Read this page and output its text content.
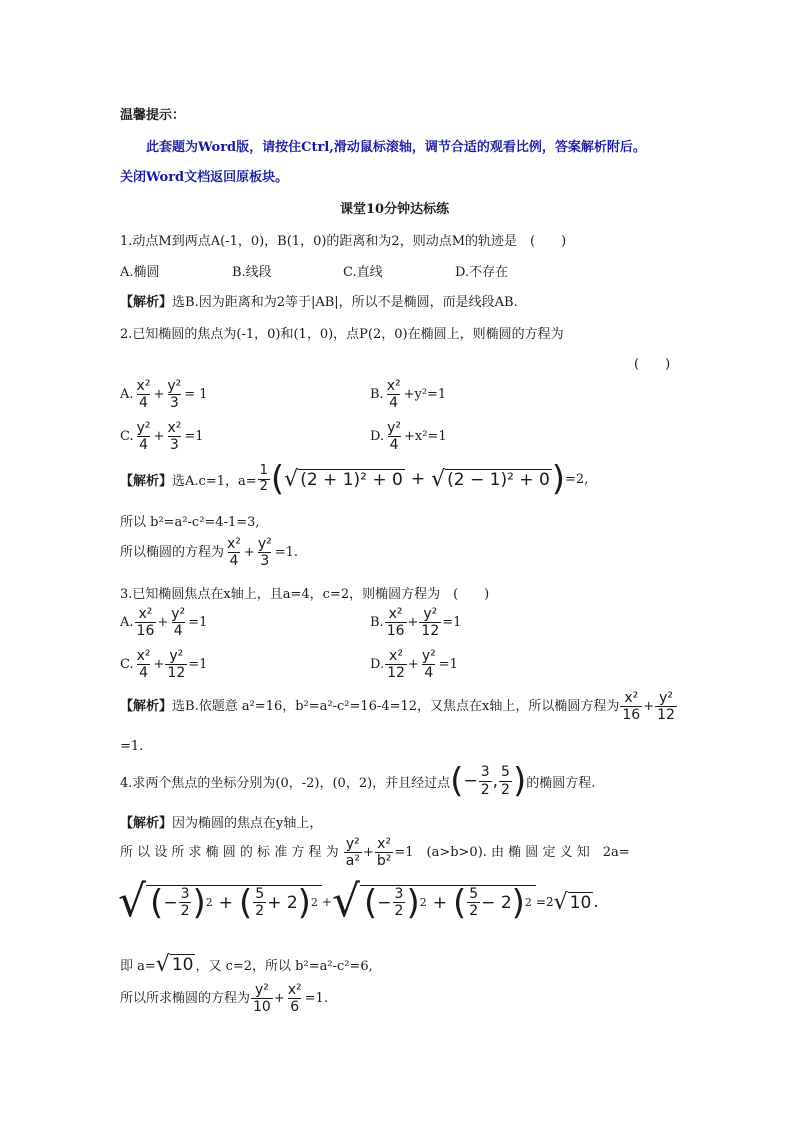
温馨提示：
此套题为Word版，请按住Ctrl,滑动鼠标滚轴，调节合适的观看比例，答案解析附后。
关闭Word文档返回原板块。
课堂10分钟达标练
1.动点M到两点A(-1，0)，B(1，0)的距离和为2，则动点M的轨迹是　(　　)
A.椭圆	B.线段	C.直线	D.不存在
【解析】选B.因为距离和为2等于|AB|，所以不是椭圆，而是线段AB.
2.已知椭圆的焦点为(-1，0)和(1，0)，点P(2，0)在椭圆上，则椭圆的方程为
(　　)
A. $\frac{\text{x²}}{4} + \frac{\text{y²}}{3} = 1$	B. $\frac{\text{x²}}{4} +y^2=1$
C. $\frac{\text{y²}}{4} + \frac{\text{x²}}{3} =1$	D. $\frac{\text{y²}}{4} +x^2=1$
【解析】 选A.c=1，$a= \frac{1}{2}$ ( √ (2 + 1)² + 0 + √ (2 − 1)² + 0 ) =2,
所以 b²=a²-c²=4-1=3,
所以椭圆的方程为 $\frac{\text{x²}}{4} + \frac{\text{y²}}{3} =1$.
3.已知椭圆焦点在x轴上，且a=4，c=2，则椭圆方程为　(　　)
A. $\frac{\text{x²}}{16} + \frac{\text{y²}}{4} =1$	B. $\frac{\text{x²}}{16} + \frac{\text{y²}}{12} =1$
C. $\frac{\text{x²}}{4} + \frac{\text{y²}}{12} =1$	D. $\frac{\text{x²}}{12} + \frac{\text{y²}}{4} =1$
【解析】选B.依题意 a²=16，b²=a²-c²=16-4=12，又焦点在x轴上，所以椭圆方程为 $\frac{\text{x²}}{16} + \frac{\text{y²}}{12}$
=1.
4.求两个焦点的坐标分别为(0，-2)，(0，2)，并且经过点 ( − $\frac{3}{2}$ , $\frac{5}{2}$ ) 的椭圆方程.
【解析】因为椭圆的焦点在y轴上，
所 以 设 所 求 椭 圆 的 标 准 方 程 为 $\frac{\text{y²}}{\text{a²}} + \frac{\text{x²}}{\text{b²}} =1$　(a>b>0). 由 椭 圆 定 义 知　2a=
√ ( − $\frac{3}{2}$ ) 2 + ( $\frac{5}{2} + 2$ ) 2 + √ ( − $\frac{3}{2}$ ) 2 + ( $\frac{5}{2} - 2$ ) 2 =2 √ 10 .
即 a= √ 10 ，又 c=2，所以 b²=a²-c²=6,
所以所求椭圆的方程为 $\frac{\text{y²}}{10} + \frac{\text{x²}}{6} =1$.
